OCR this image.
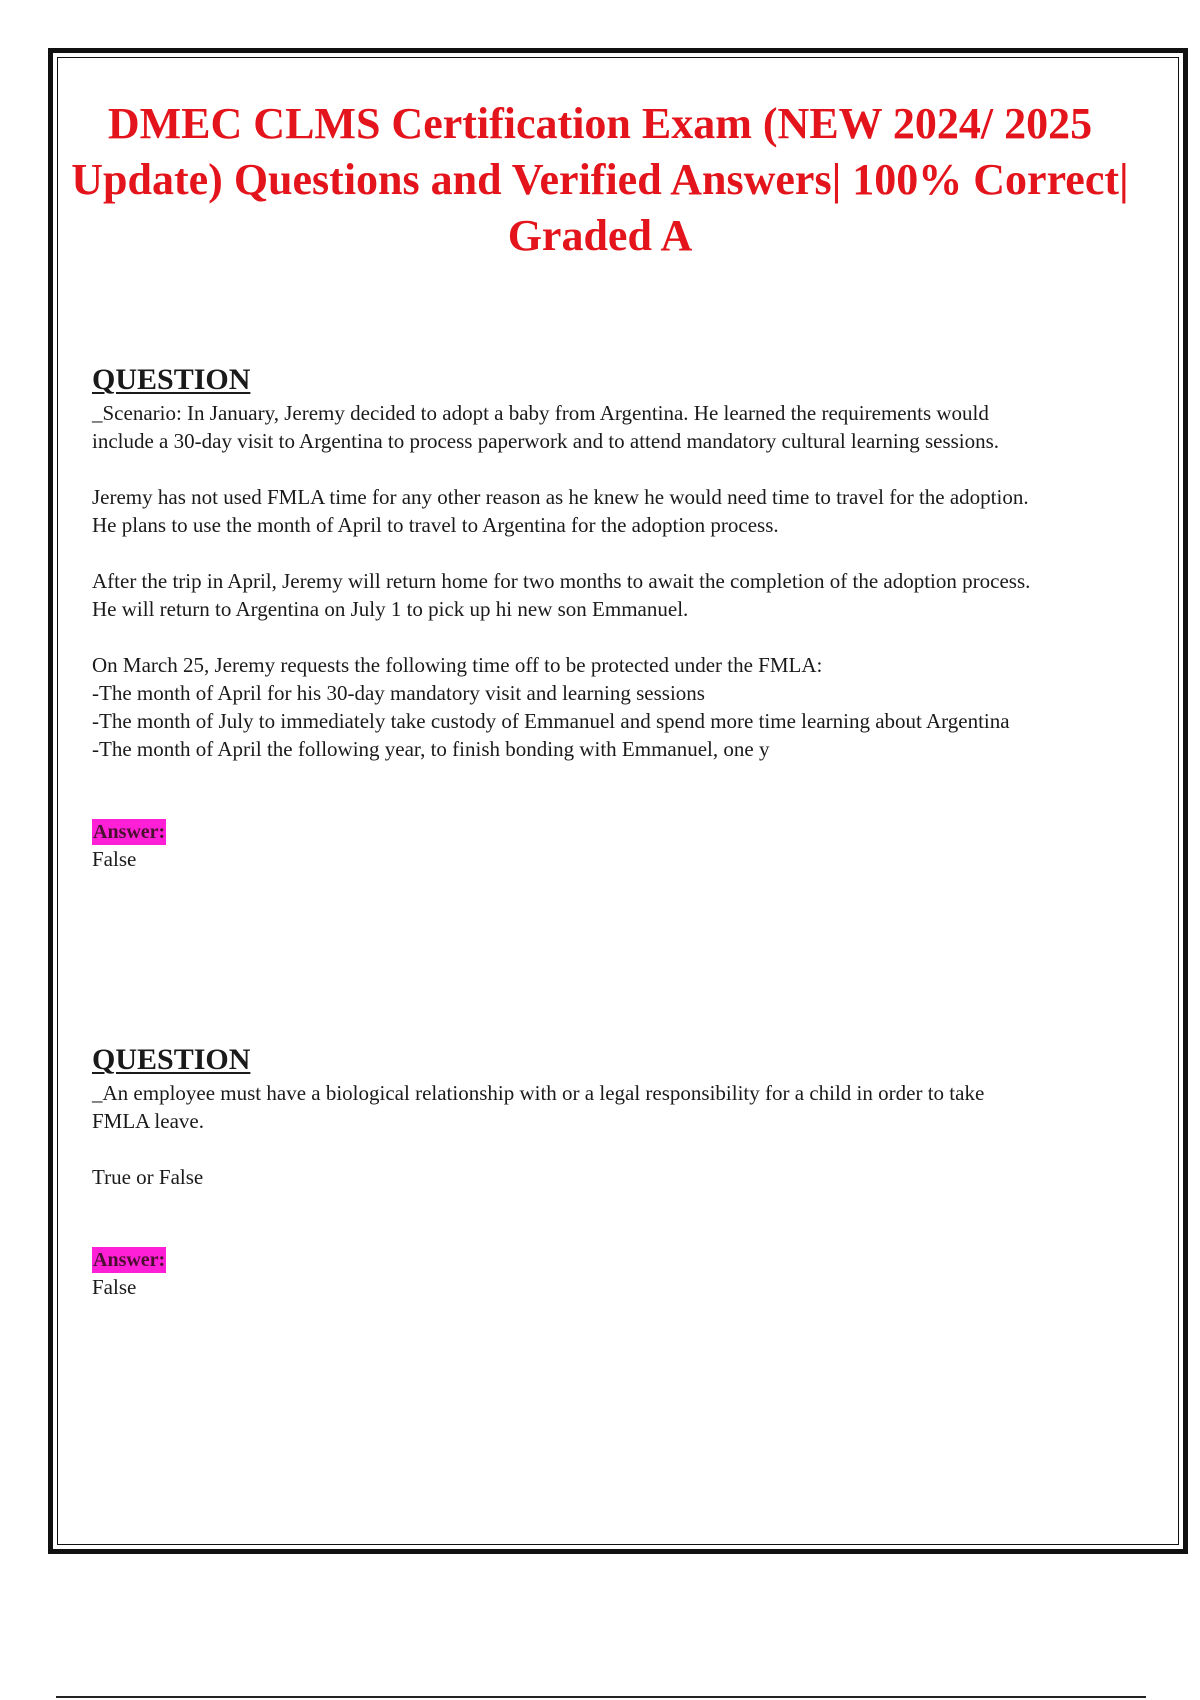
DMEC CLMS Certification Exam (NEW 2024/ 2025 Update) Questions and Verified Answers| 100% Correct| Graded A
QUESTION

_Scenario: In January, Jeremy decided to adopt a baby from Argentina. He learned the requirements would include a 30-day visit to Argentina to process paperwork and to attend mandatory cultural learning sessions.

Jeremy has not used FMLA time for any other reason as he knew he would need time to travel for the adoption. He plans to use the month of April to travel to Argentina for the adoption process.

After the trip in April, Jeremy will return home for two months to await the completion of the adoption process. He will return to Argentina on July 1 to pick up hi new son Emmanuel.

On March 25, Jeremy requests the following time off to be protected under the FMLA:

-The month of April for his 30-day mandatory visit and learning sessions

-The month of July to immediately take custody of Emmanuel and spend more time learning about Argentina

-The month of April the following year, to finish bonding with Emmanuel, one y

Answer:

False

QUESTION

_An employee must have a biological relationship with or a legal responsibility for a child in order to take FMLA leave.

True or False

Answer:

False
